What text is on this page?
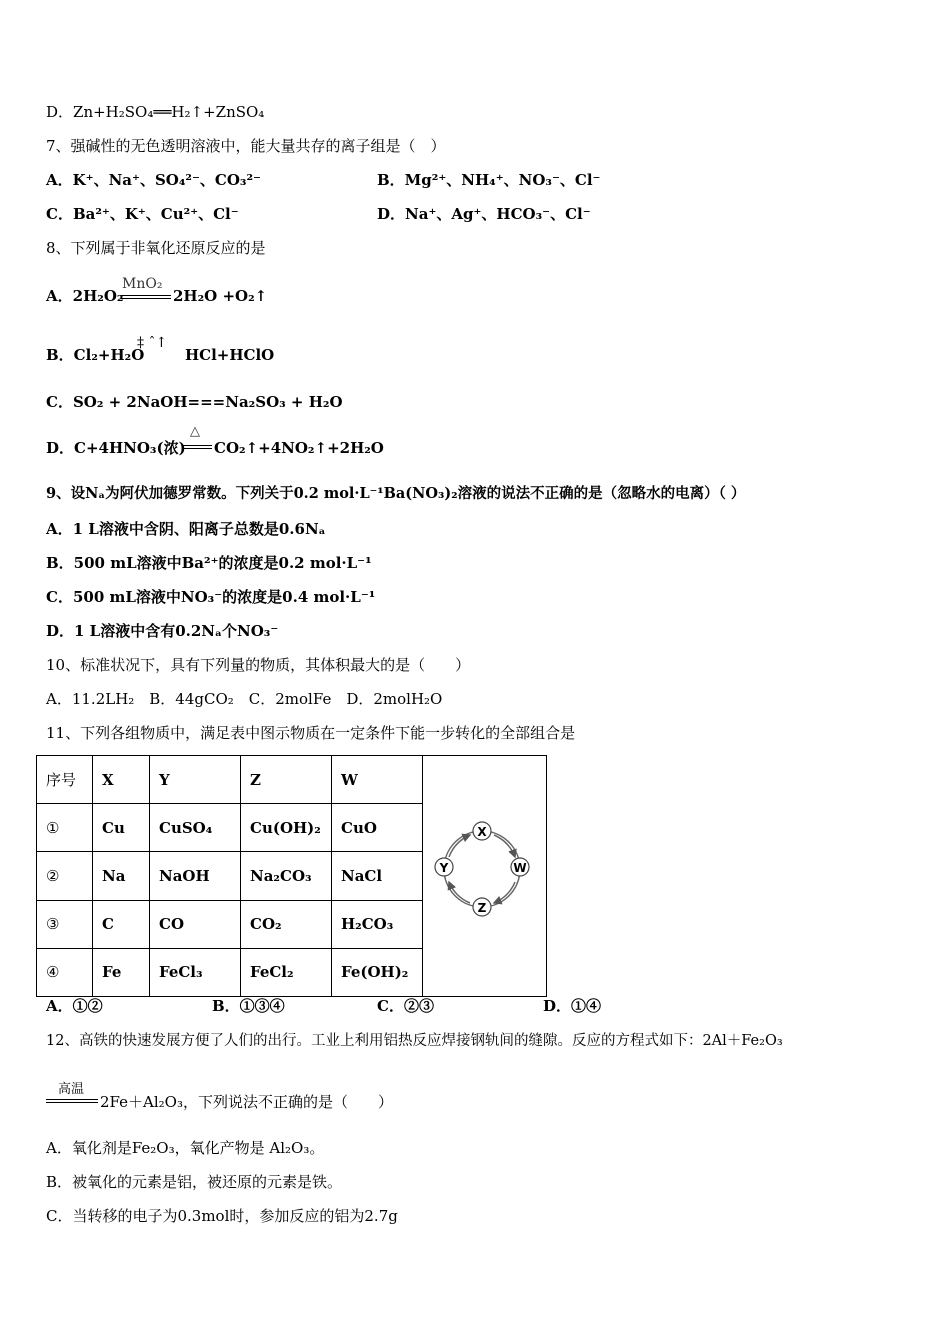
D．Zn+H₂SO₄══H₂↑+ZnSO₄
7、强碱性的无色透明溶液中，能大量共存的离子组是（　）
A．K⁺、Na⁺、SO₄²⁻、CO₃²⁻	B．Mg²⁺、NH₄⁺、NO₃⁻、Cl⁻
C．Ba²⁺、K⁺、Cu²⁺、Cl⁻	D．Na⁺、Ag⁺、HCO₃⁻、Cl⁻
8、下列属于非氧化还原反应的是
A．2H₂O₂
MnO₂
2H₂O +O₂↑
B．Cl₂+H₂O
‡ ˆ↑
HCl+HClO
C．SO₂ + 2NaOH===Na₂SO₃ + H₂O
D．C+4HNO₃(浓)
△
CO₂↑+4NO₂↑+2H₂O
9、设Nₐ为阿伏加德罗常数。下列关于0.2 mol·L⁻¹Ba(NO₃)₂溶液的说法不正确的是（忽略水的电离）（ ）
A．1 L溶液中含阴、阳离子总数是0.6Nₐ
B．500 mL溶液中Ba²⁺的浓度是0.2 mol·L⁻¹
C．500 mL溶液中NO₃⁻的浓度是0.4 mol·L⁻¹
D．1 L溶液中含有0.2Nₐ个NO₃⁻
10、标准状况下，具有下列量的物质，其体积最大的是（　　）
A．11.2LH₂　B．44gCO₂　C．2molFe　D．2molH₂O
11、下列各组物质中，满足表中图示物质在一定条件下能一步转化的全部组合是
序号	X	Y	Z	W	X
W
Z
Y

①	Cu	CuSO₄	Cu(OH)₂	CuO	
②	Na	NaOH	Na₂CO₃	NaCl	
③	C	CO	CO₂	H₂CO₃	
④	Fe	FeCl₃	FeCl₂	Fe(OH)₂	
A．①②	B．①③④	C．②③	D．①④
12、高铁的快速发展方便了人们的出行。工业上利用铝热反应焊接钢轨间的缝隙。反应的方程式如下：2Al＋Fe₂O₃
高温
2Fe＋Al₂O₃，下列说法不正确的是（　　）
A．氧化剂是Fe₂O₃，氧化产物是 Al₂O₃。
B．被氧化的元素是铝，被还原的元素是铁。
C．当转移的电子为0.3mol时，参加反应的铝为2.7g
